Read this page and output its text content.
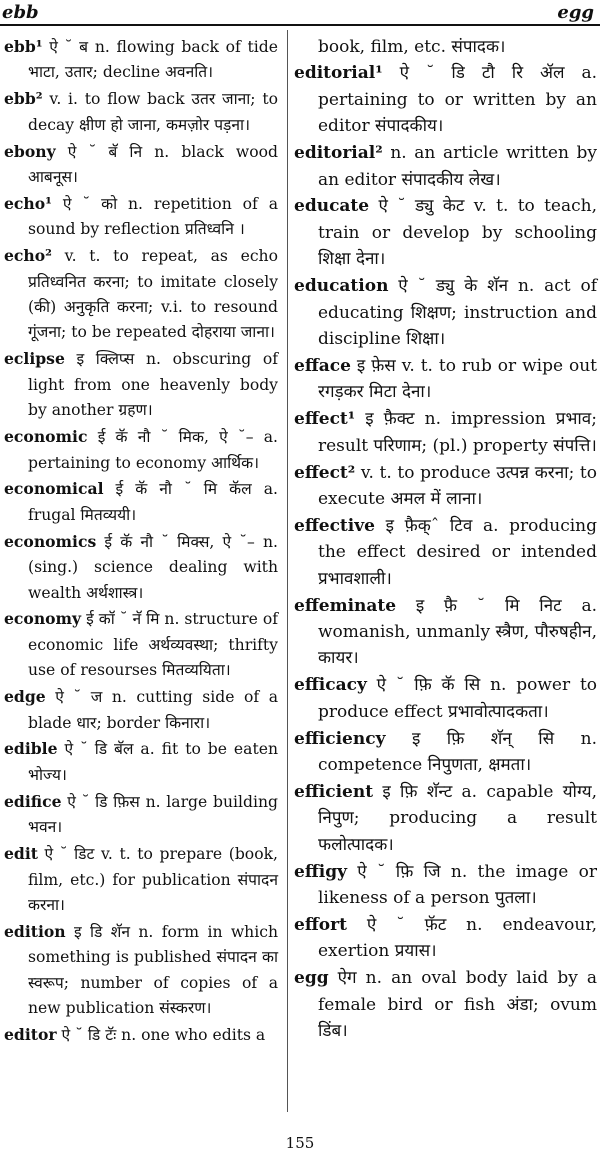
ebb	egg

ebb¹ ऐ ˘ ब n. flowing back of tide भाटा, उतार; decline अवनति।

ebb² v. i. to flow back उतर जाना; to decay क्षीण हो जाना, कमज़ोर पड़ना।

ebony ऐ ˘ बॅ नि n. black wood आबनूस।

echo¹ ऐ ˘ को n. repetition of a sound by reflection प्रतिध्वनि ।

echo² v. t. to repeat, as echo प्रतिध्वनित करना; to imitate closely (की) अनुकृति करना; v.i. to resound गूंजना; to be repeated दोहराया जाना।

eclipse इ क्लिप्स n. obscuring of light from one heavenly body by another ग्रहण।

economic ई कॅ नौ ˘ मिक, ऐ ˘– a. pertaining to economy आर्थिक।

economical ई कॅ नौ ˘ मि कॅल a. frugal मितव्ययी।

economics ई कॅ नौ ˘ मिक्स, ऐ ˘– n. (sing.) science dealing with wealth अर्थशास्त्र।

economy ई कॉ ˘ नॅ मि n. structure of economic life अर्थव्यवस्था; thrifty use of resourses मितव्ययिता।

edge ऐ ˘ ज n. cutting side of a blade धार; border किनारा।

edible ऐ ˘ डि बॅल a. fit to be eaten भोज्य।

edifice ऐ ˘ डि फ़िस n. large building भवन।

edit ऐ ˘ डिट v. t. to prepare (book, film, etc.) for publication संपादन करना।

edition इ डि शॅन n. form in which something is published संपादन का स्वरूप; number of copies of a new publication संस्करण।

editor ऐ ˘ डि टॅः n. one who edits a

book, film, etc. संपादक।

editorial¹ ऐ ˘ डि टौ रि ॲल a. pertaining to or written by an editor संपादकीय।

editorial² n. an article written by an editor संपादकीय लेख।

educate ऐ ˘ ड्यु केट v. t. to teach, train or develop by schooling शिक्षा देना।

education ऐ ˘ ड्यु के शॅन n. act of educating शिक्षण; instruction and discipline शिक्षा।

efface इ फ़ेस v. t. to rub or wipe out रगड़कर मिटा देना।

effect¹ इ फ़ैक्ट n. impression प्रभाव; result परिणाम; (pl.) property संपत्ति।

effect² v. t. to produce उत्पन्न करना; to execute अमल में लाना।

effective इ फ़ैक्ˆ टिव a. producing the effect desired or intended प्रभावशाली।

effeminate इ फ़ै ˘ मि निट a. womanish, unmanly स्त्रैण, पौरुषहीन, कायर।

efficacy ऐ ˘ फ़ि कॅ सि n. power to produce effect प्रभावोत्पादकता।

efficiency इ फ़ि शॅन् सि n. competence निपुणता, क्षमता।

efficient इ फ़ि शॅन्ट a. capable योग्य, निपुण; producing a result फलोत्पादक।

effigy ऐ ˘ फ़ि जि n. the image or likeness of a person पुतला।

effort ऐ ˘ फ़ॅट n. endeavour, exertion प्रयास।

egg ऐग n. an oval body laid by a female bird or fish अंडा; ovum डिंब।

155
